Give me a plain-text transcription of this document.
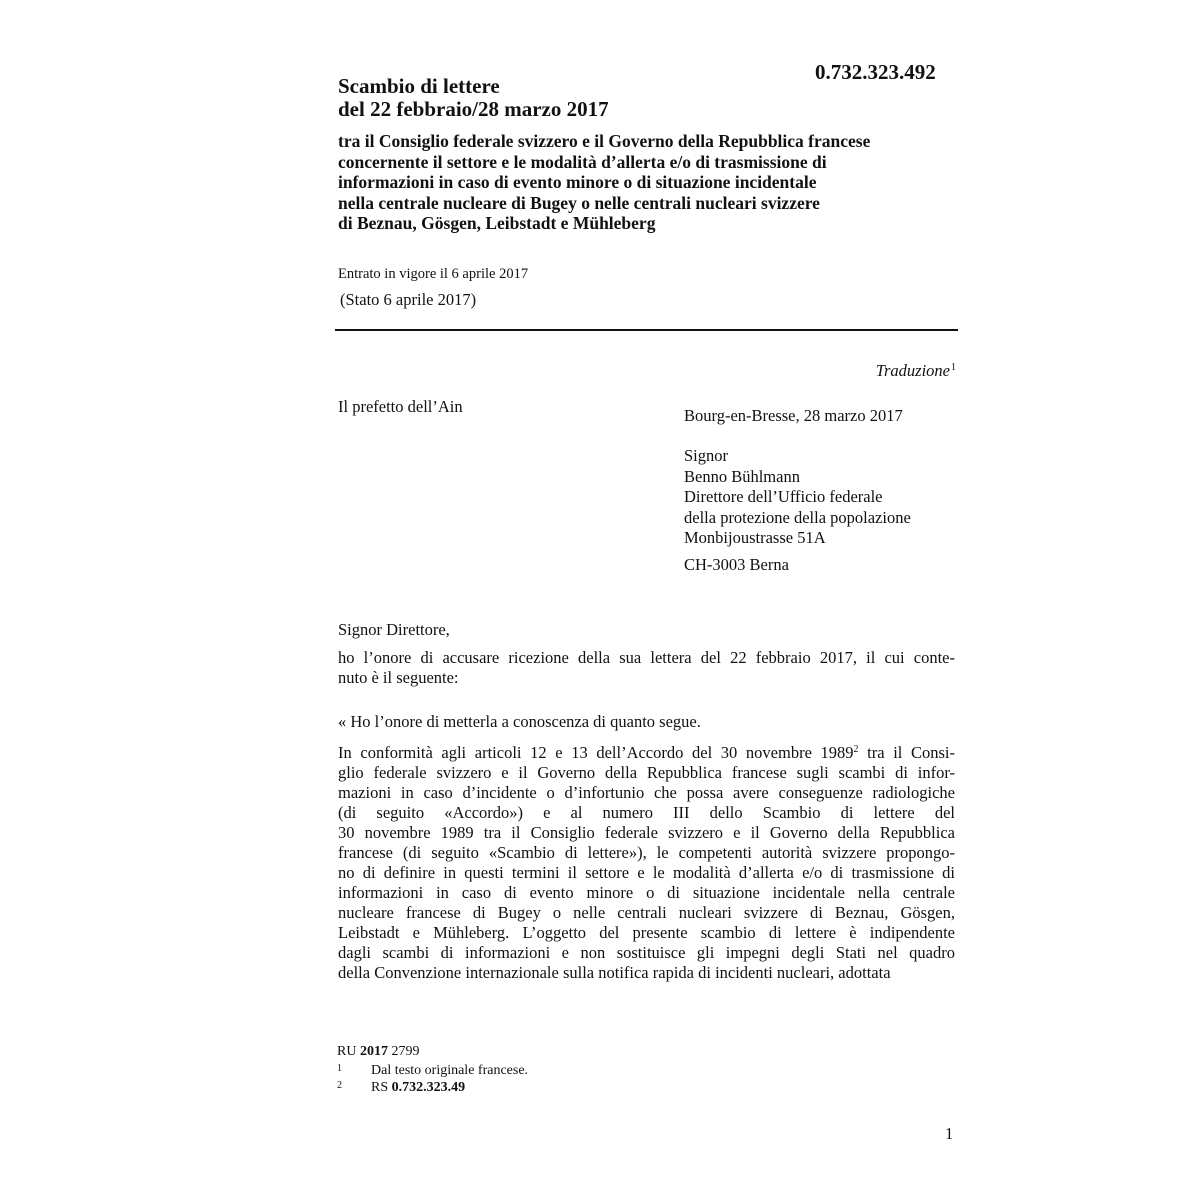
0.732.323.492
Scambio di lettere
del 22 febbraio/28 marzo 2017
tra il Consiglio federale svizzero e il Governo della Repubblica francese
concernente il settore e le modalità d’allerta e/o di trasmissione di
informazioni in caso di evento minore o di situazione incidentale
nella centrale nucleare di Bugey o nelle centrali nucleari svizzere
di Beznau, Gösgen, Leibstadt e Mühleberg
Entrato in vigore il 6 aprile 2017
(Stato 6 aprile 2017)
Traduzione$^1$
Il prefetto dell’Ain	Bourg-en-Bresse, 28 marzo 2017
Signor
Benno Bühlmann
Direttore dell’Ufficio federale
della protezione della popolazione
Monbijoustrasse 51A
CH-3003 Berna
Signor Direttore,
ho l’onore di accusare ricezione della sua lettera del 22 febbraio 2017, il cui conte-
nuto è il seguente:
« Ho l’onore di metterla a conoscenza di quanto segue.
In conformità agli articoli 12 e 13 dell’Accordo del 30 novembre 1989$^2$ tra il Consi-
glio federale svizzero e il Governo della Repubblica francese sugli scambi di infor-
mazioni in caso d’incidente o d’infortunio che possa avere conseguenze radiologiche
(di seguito «Accordo») e al numero III dello Scambio di lettere del
30 novembre 1989 tra il Consiglio federale svizzero e il Governo della Repubblica
francese (di seguito «Scambio di lettere»), le competenti autorità svizzere propongo-
no di definire in questi termini il settore e le modalità d’allerta e/o di trasmissione di
informazioni in caso di evento minore o di situazione incidentale nella centrale
nucleare francese di Bugey o nelle centrali nucleari svizzere di Beznau, Gösgen,
Leibstadt e Mühleberg. L’oggetto del presente scambio di lettere è indipendente
dagli scambi di informazioni e non sostituisce gli impegni degli Stati nel quadro
della Convenzione internazionale sulla notifica rapida di incidenti nucleari, adottata
RU 2017 2799
1	Dal testo originale francese.
2	RS 0.732.323.49
1
